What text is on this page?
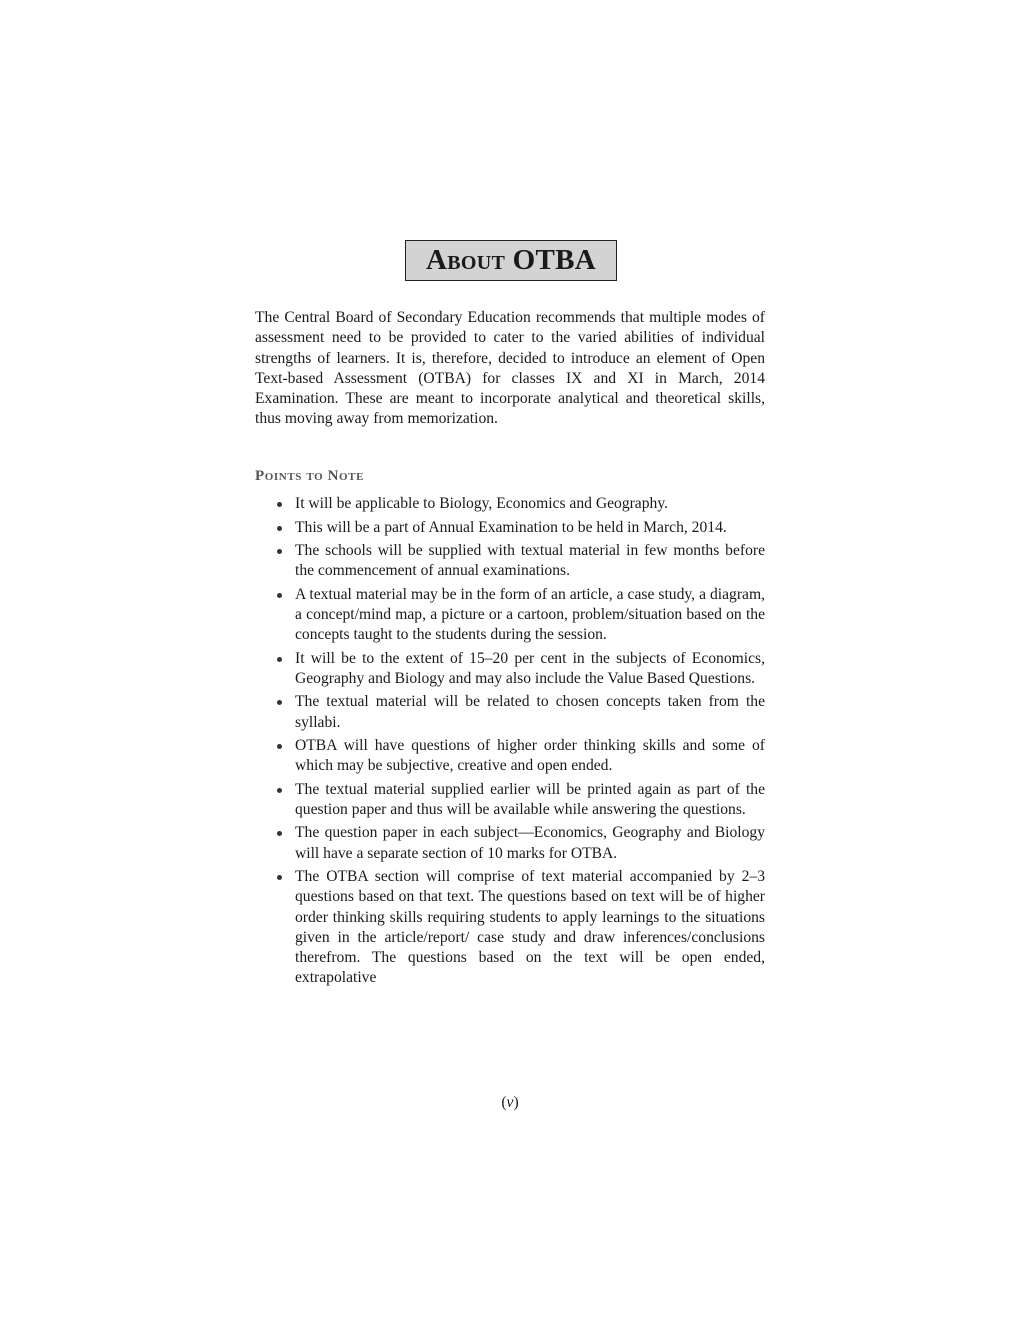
About OTBA

The Central Board of Secondary Education recommends that multiple modes of assessment need to be provided to cater to the varied abilities of individual strengths of learners. It is, therefore, decided to introduce an element of Open Text-based Assessment (OTBA) for classes IX and XI in March, 2014 Examination. These are meant to incorporate analytical and theoretical skills, thus moving away from memorization.

Points to Note
It will be applicable to Biology, Economics and Geography.
This will be a part of Annual Examination to be held in March, 2014.
The schools will be supplied with textual material in few months before the commencement of annual examinations.
A textual material may be in the form of an article, a case study, a diagram, a concept/mind map, a picture or a cartoon, problem/situation based on the concepts taught to the students during the session.
It will be to the extent of 15–20 per cent in the subjects of Economics, Geography and Biology and may also include the Value Based Questions.
The textual material will be related to chosen concepts taken from the syllabi.
OTBA will have questions of higher order thinking skills and some of which may be subjective, creative and open ended.
The textual material supplied earlier will be printed again as part of the question paper and thus will be available while answering the questions.
The question paper in each subject—Economics, Geography and Biology will have a separate section of 10 marks for OTBA.
The OTBA section will comprise of text material accompanied by 2–3 questions based on that text. The questions based on text will be of higher order thinking skills requiring students to apply learnings to the situations given in the article/report/ case study and draw inferences/conclusions therefrom. The questions based on the text will be open ended, extrapolative
(v)
